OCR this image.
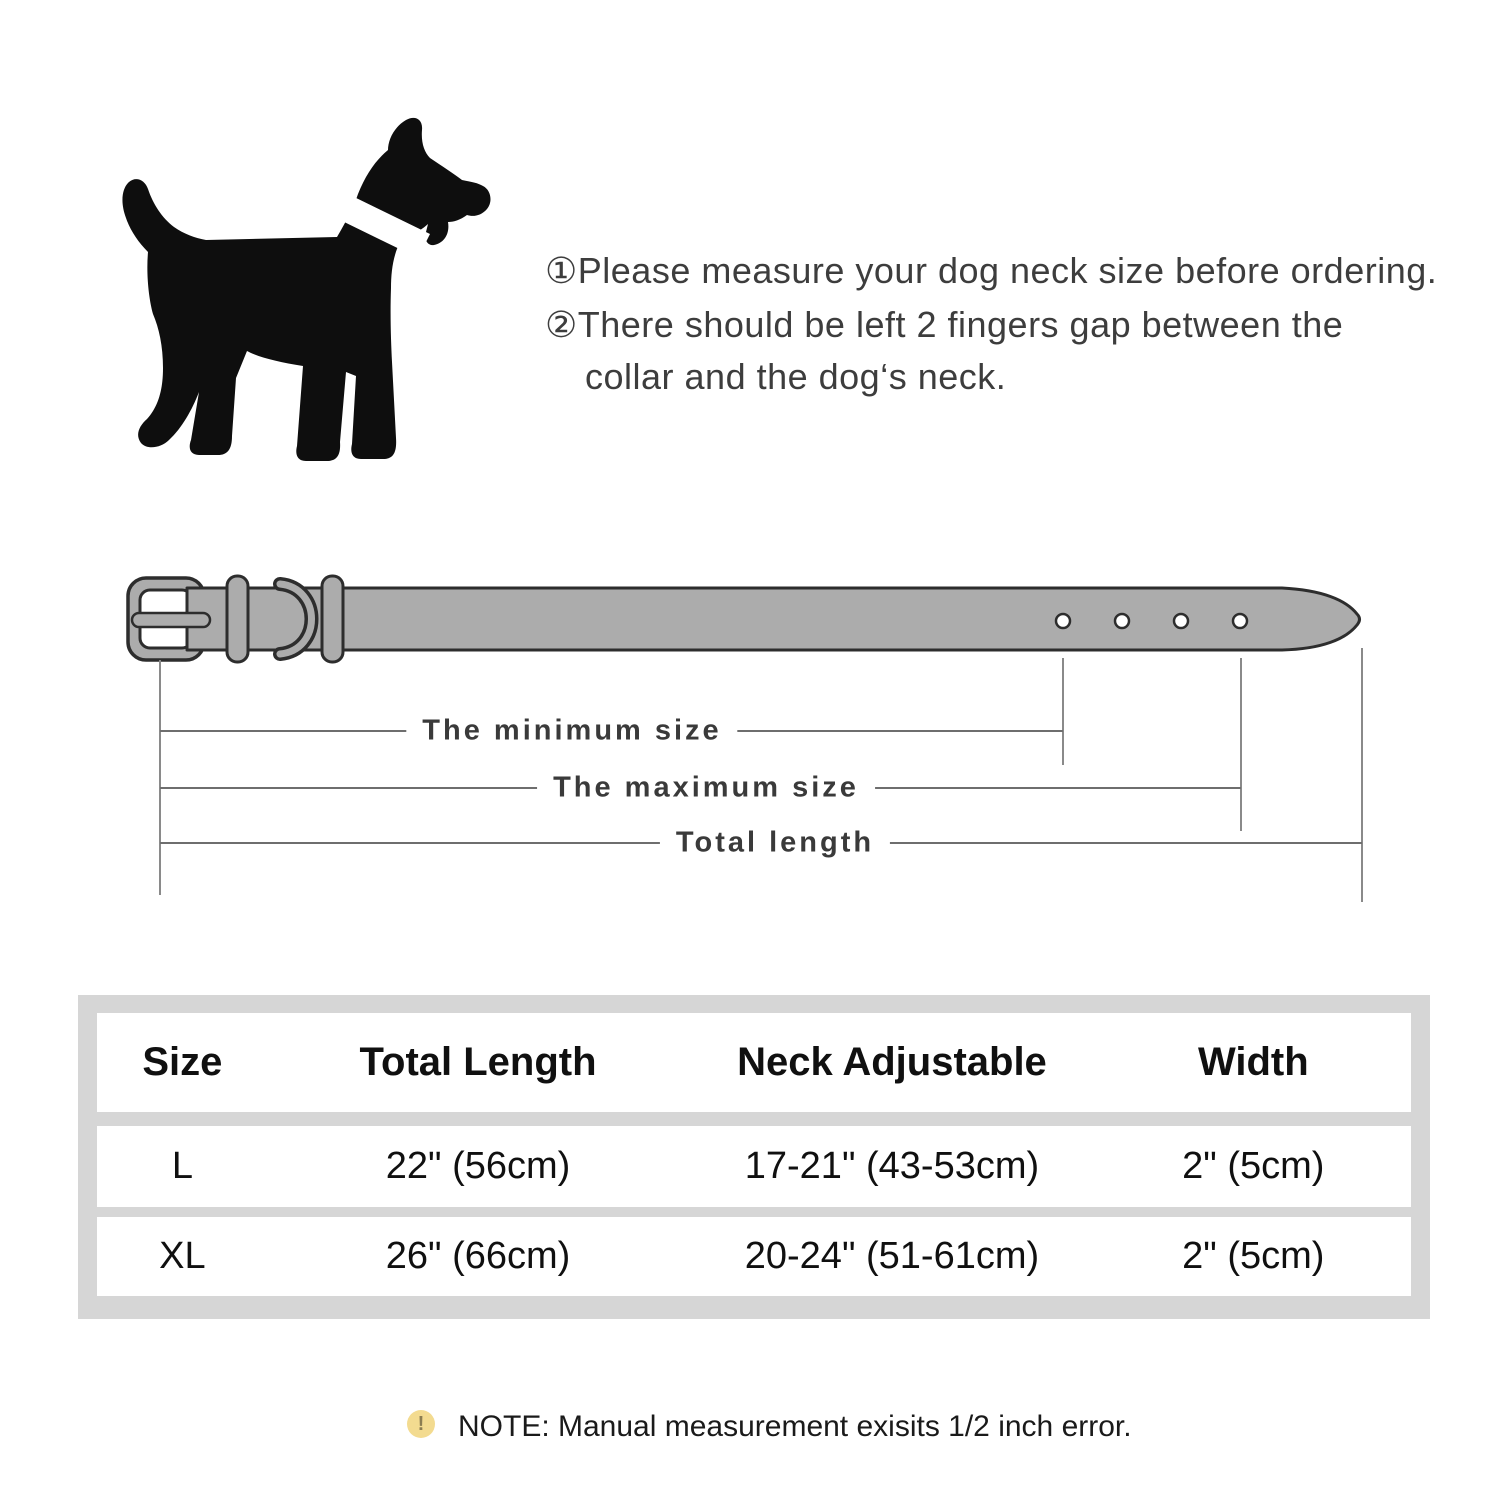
①Please measure your dog neck size before ordering.
②There should be left 2 fingers gap between the
collar and the dog‘s neck.
The minimum size
The maximum size
Total length
Size	Total Length	Neck Adjustable	Width
L	22" (56cm)	17-21" (43-53cm)	2" (5cm)
XL	26" (66cm)	20-24" (51-61cm)	2" (5cm)
!	NOTE: Manual measurement exisits 1/2 inch error.
